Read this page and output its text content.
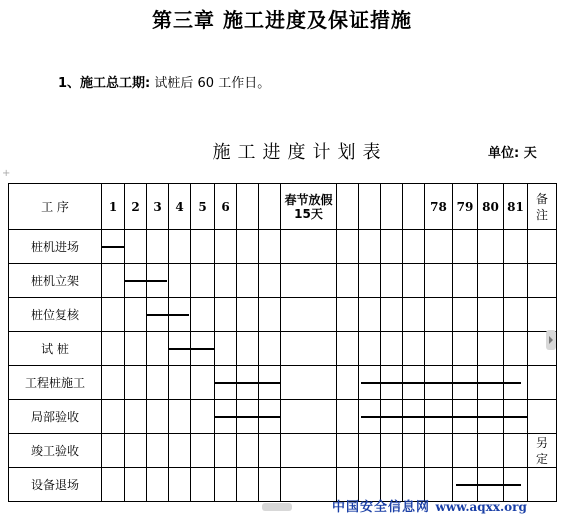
第三章 施工进度及保证措施
1、施工总工期: 试桩后 60 工作日。
施工进度计划表	单位: 天
+
工 序	1	2	3	4	5	6			春节放假15天					78	79	80	81	备注
桩机进场	

桩机立架		

桩位复核			

试 桩				

工程桩施工						

局部验收						

竣工验收																		另定
设备退场															

中国安全信息网 www.aqxx.org
